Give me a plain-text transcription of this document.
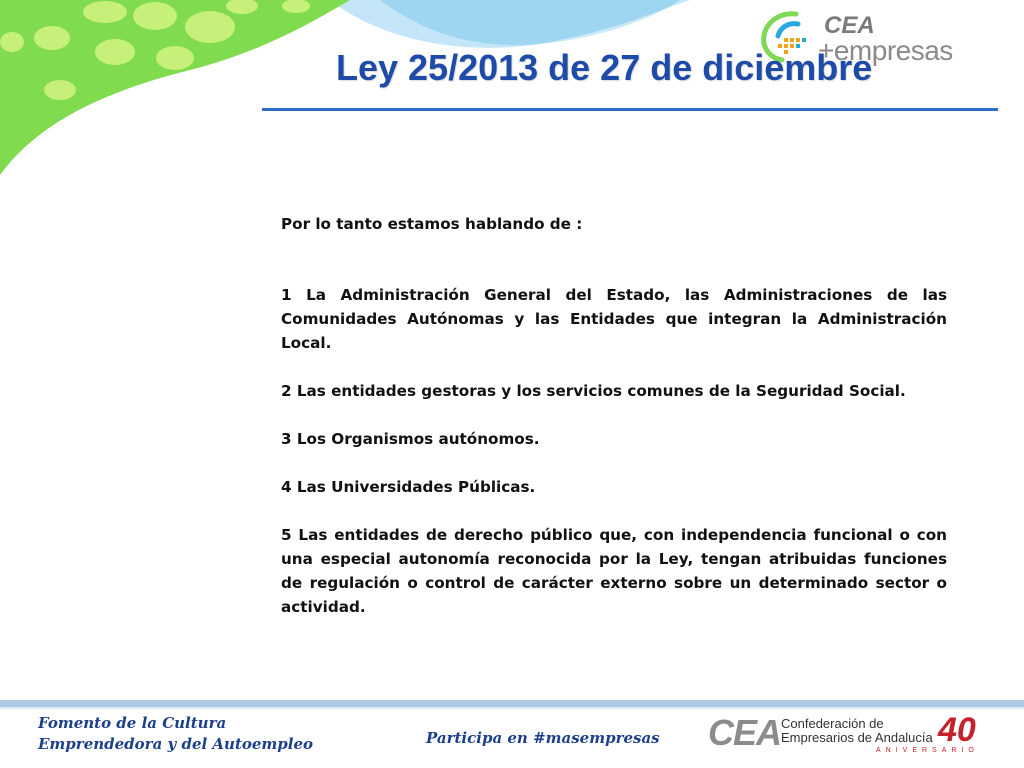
CEA
+empresas
Ley 25/2013 de 27 de diciembre

Por lo tanto estamos hablando de :

1 La Administración General del Estado, las Administraciones de las Comunidades Autónomas y las Entidades que integran la Administración Local.

2 Las entidades gestoras y los servicios comunes de la Seguridad Social.

3 Los Organismos autónomos.

4 Las Universidades Públicas.

5 Las entidades de derecho público que, con independencia funcional o con una especial autonomía reconocida por la Ley, tengan atribuidas funciones de regulación o control de carácter externo sobre un determinado sector o actividad.

Fomento de la Cultura
Emprendedora y del Autoempleo	Participa en #masempresas CEA Confederación de
Empresarios de Andalucía 40
ANIVERSARIO
